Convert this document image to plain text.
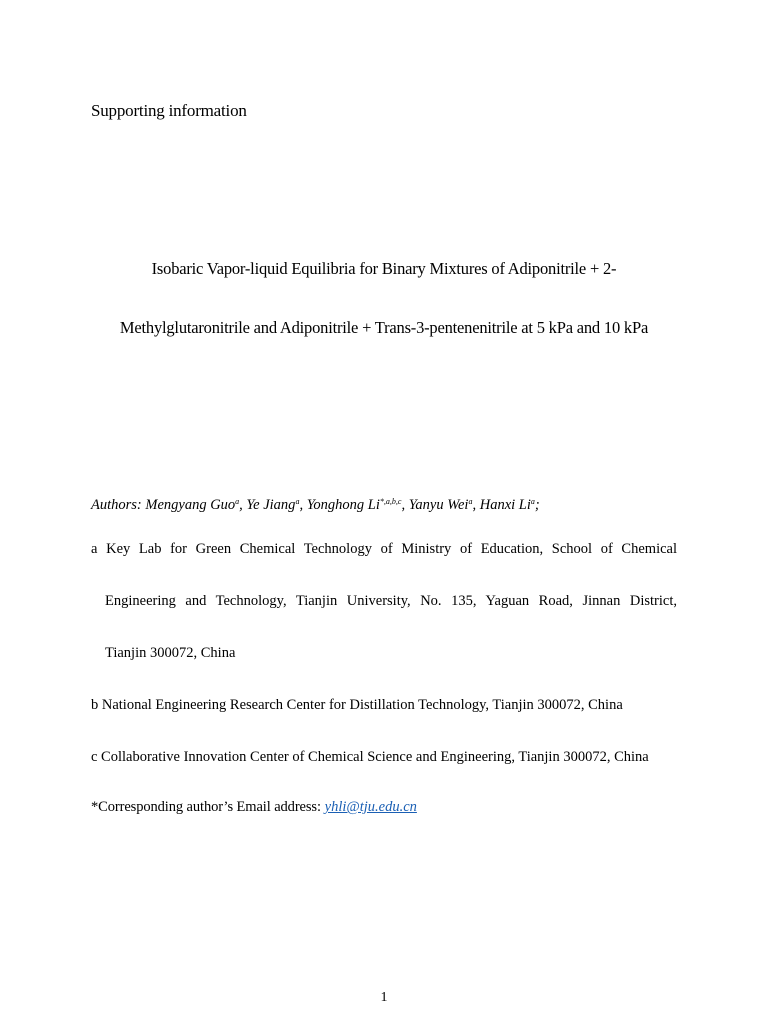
Supporting information
Isobaric Vapor-liquid Equilibria for Binary Mixtures of Adiponitrile + 2-
Methylglutaronitrile and Adiponitrile + Trans-3-pentenenitrile at 5 kPa and 10 kPa
Authors: Mengyang Guo$^a$, Ye Jiang$^a$, Yonghong $Li^{*,a,b,c}$, Yanyu Wei$^a$, Hanxi Li$^a$;
a Key Lab for Green Chemical Technology of Ministry of Education, School of Chemical
Engineering and Technology, Tianjin University, No. 135, Yaguan Road, Jinnan District,
Tianjin 300072, China
b National Engineering Research Center for Distillation Technology, Tianjin 300072, China
c Collaborative Innovation Center of Chemical Science and Engineering, Tianjin 300072, China
*Corresponding author’s Email address: yhli@tju.edu.cn
1
